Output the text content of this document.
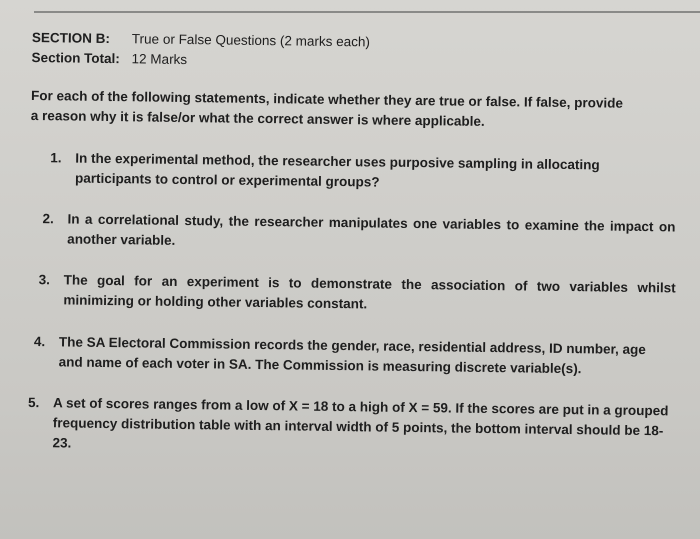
SECTION B: True or False Questions (2 marks each)
Section Total: 12 Marks
For each of the following statements, indicate whether they are true or false. If false, provide a reason why it is false/or what the correct answer is where applicable.
1. In the experimental method, the researcher uses purposive sampling in allocating participants to control or experimental groups?
2. In a correlational study, the researcher manipulates one variables to examine the impact on another variable.
3. The goal for an experiment is to demonstrate the association of two variables whilst minimizing or holding other variables constant.
4. The SA Electoral Commission records the gender, race, residential address, ID number, age and name of each voter in SA. The Commission is measuring discrete variable(s).
5. A set of scores ranges from a low of X = 18 to a high of X = 59. If the scores are put in a grouped frequency distribution table with an interval width of 5 points, the bottom interval should be 18-23.
